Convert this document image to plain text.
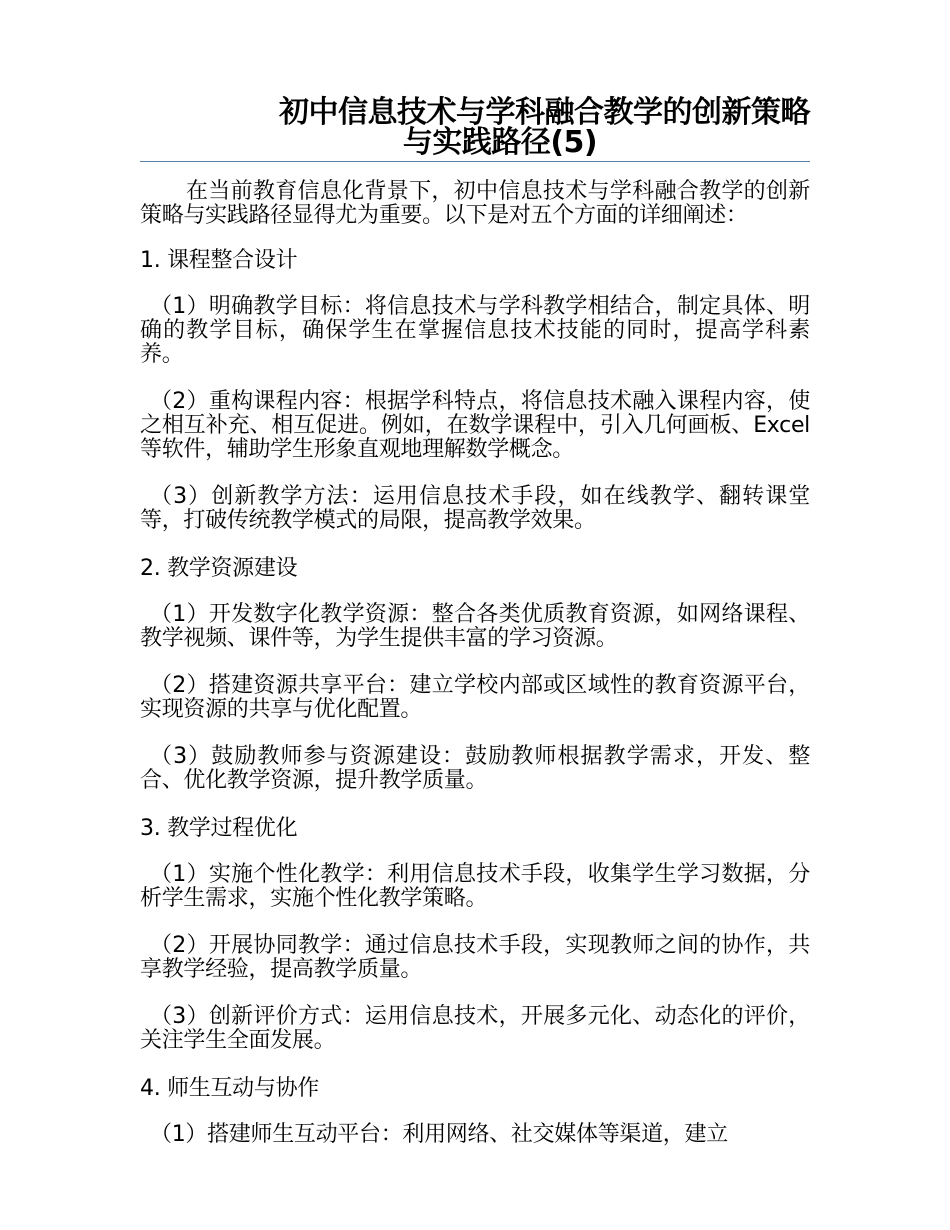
初中信息技术与学科融合教学的创新策略
与实践路径(5)

在当前教育信息化背景下，初中信息技术与学科融合教学的创新策略与实践路径显得尤为重要。以下是对五个方面的详细阐述：

1. 课程整合设计

（1）明确教学目标：将信息技术与学科教学相结合，制定具体、明确的教学目标，确保学生在掌握信息技术技能的同时，提高学科素养。

（2）重构课程内容：根据学科特点，将信息技术融入课程内容，使之相互补充、相互促进。例如，在数学课程中，引入几何画板、Excel 等软件，辅助学生形象直观地理解数学概念。

（3）创新教学方法：运用信息技术手段，如在线教学、翻转课堂等，打破传统教学模式的局限，提高教学效果。

2. 教学资源建设

（1）开发数字化教学资源：整合各类优质教育资源，如网络课程、教学视频、课件等，为学生提供丰富的学习资源。

（2）搭建资源共享平台：建立学校内部或区域性的教育资源平台，实现资源的共享与优化配置。

（3）鼓励教师参与资源建设：鼓励教师根据教学需求，开发、整合、优化教学资源，提升教学质量。

3. 教学过程优化

（1）实施个性化教学：利用信息技术手段，收集学生学习数据，分析学生需求，实施个性化教学策略。

（2）开展协同教学：通过信息技术手段，实现教师之间的协作，共享教学经验，提高教学质量。

（3）创新评价方式：运用信息技术，开展多元化、动态化的评价，关注学生全面发展。

4. 师生互动与协作

（1）搭建师生互动平台：利用网络、社交媒体等渠道，建立
